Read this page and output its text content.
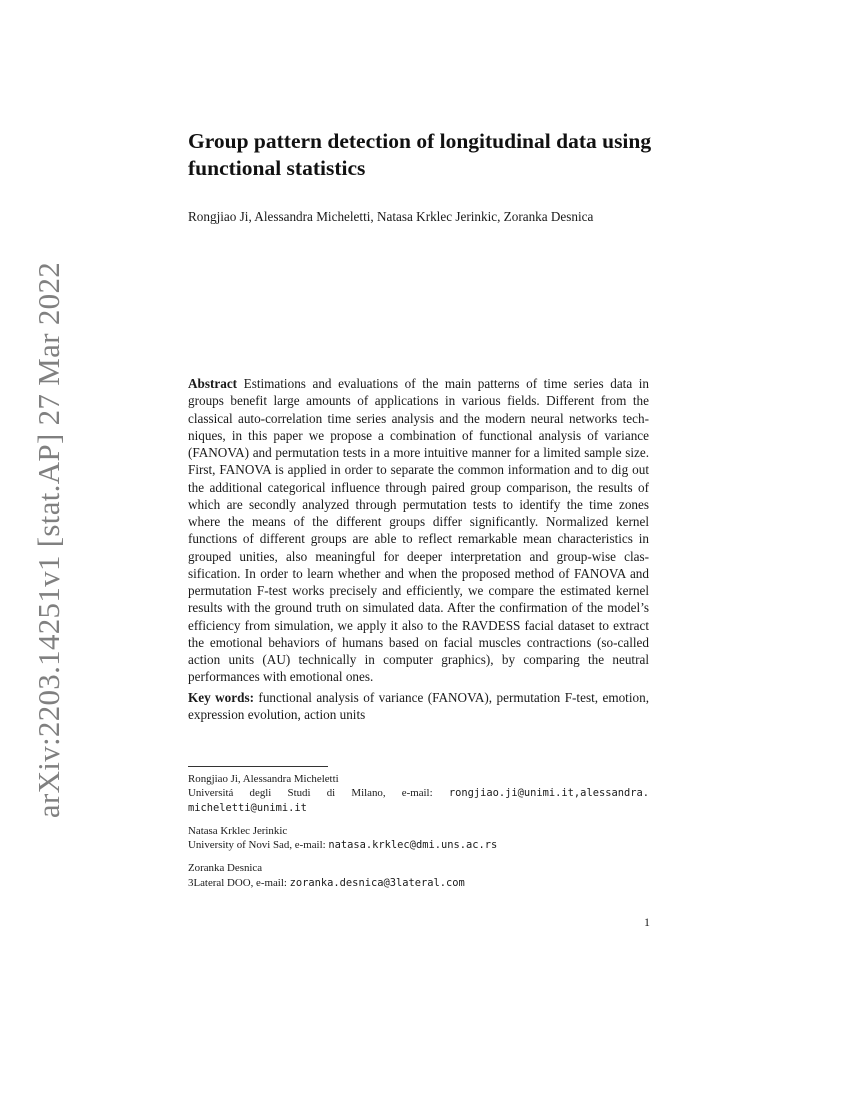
arXiv:2203.14251v1 [stat.AP] 27 Mar 2022
Group pattern detection of longitudinal data using functional statistics
Rongjiao Ji, Alessandra Micheletti, Natasa Krklec Jerinkic, Zoranka Desnica

Abstract Estimations and evaluations of the main patterns of time series data in groups benefit large amounts of applications in various fields. Different from the classical auto-correlation time series analysis and the modern neural networks techniques, in this paper we propose a combination of functional analysis of variance (FANOVA) and permutation tests in a more intuitive manner for a limited sample size. First, FANOVA is applied in order to separate the common information and to dig out the additional categorical influence through paired group comparison, the results of which are secondly analyzed through permutation tests to identify the time zones where the means of the different groups differ significantly. Normalized kernel functions of different groups are able to reflect remarkable mean characteristics in grouped unities, also meaningful for deeper interpretation and group-wise classification. In order to learn whether and when the proposed method of FANOVA and permutation F-test works precisely and efficiently, we compare the estimated kernel results with the ground truth on simulated data. After the confirmation of the model’s efficiency from simulation, we apply it also to the RAVDESS facial dataset to extract the emotional behaviors of humans based on facial muscles contractions (so-called action units (AU) technically in computer graphics), by comparing the neutral performances with emotional ones.

Key words: functional analysis of variance (FANOVA), permutation F-test, emotion, expression evolution, action units

Rongjiao Ji, Alessandra Micheletti
Universitá degli Studi di Milano, e-mail: rongjiao.ji@unimi.it,alessandra.
micheletti@unimi.it
Natasa Krklec Jerinkic
University of Novi Sad, e-mail: natasa.krklec@dmi.uns.ac.rs
Zoranka Desnica
3Lateral DOO, e-mail: zoranka.desnica@3lateral.com
1
